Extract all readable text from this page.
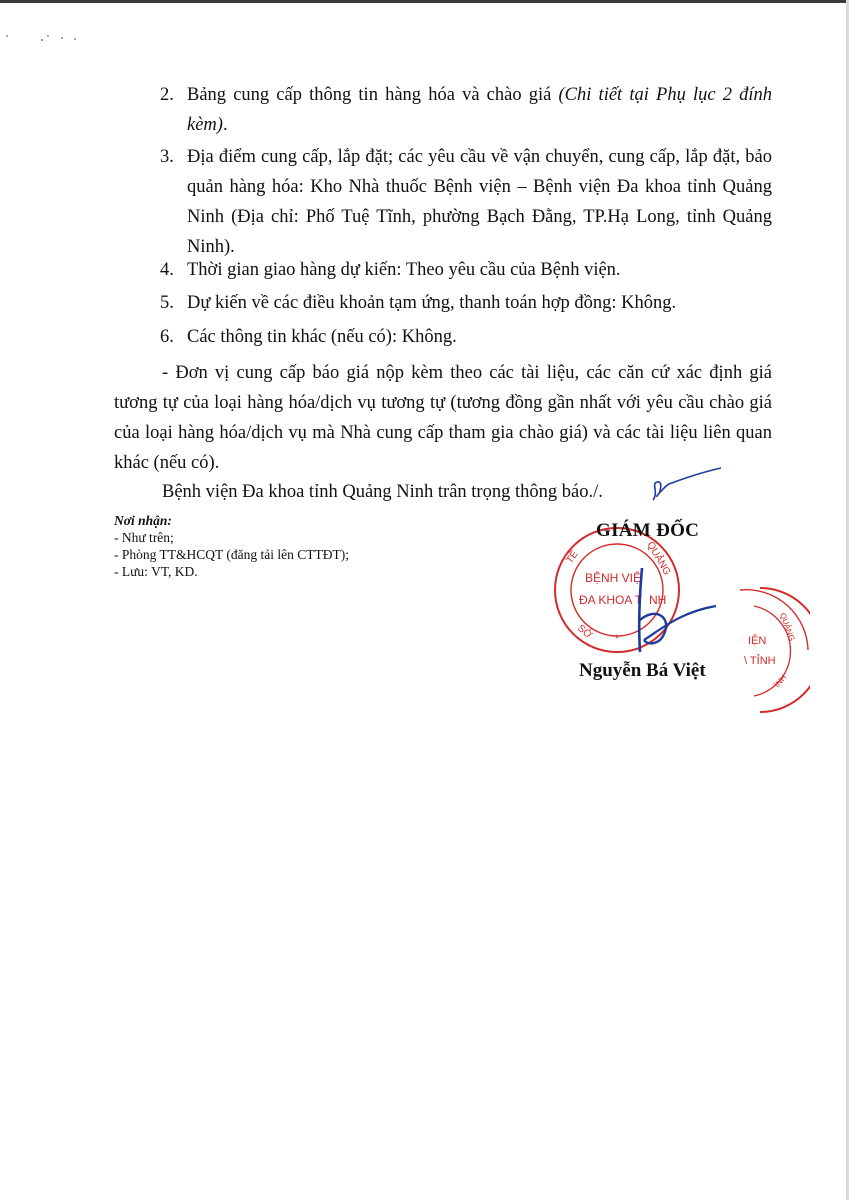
2. Bảng cung cấp thông tin hàng hóa và chào giá (Chi tiết tại Phụ lục 2 đính kèm).
3. Địa điểm cung cấp, lắp đặt; các yêu cầu về vận chuyển, cung cấp, lắp đặt, bảo quản hàng hóa: Kho Nhà thuốc Bệnh viện – Bệnh viện Đa khoa tỉnh Quảng Ninh (Địa chỉ: Phố Tuệ Tĩnh, phường Bạch Đằng, TP.Hạ Long, tỉnh Quảng Ninh).
4. Thời gian giao hàng dự kiến: Theo yêu cầu của Bệnh viện.
5. Dự kiến về các điều khoản tạm ứng, thanh toán hợp đồng: Không.
6. Các thông tin khác (nếu có): Không.
- Đơn vị cung cấp báo giá nộp kèm theo các tài liệu, các căn cứ xác định giá tương tự của loại hàng hóa/dịch vụ tương tự (tương đồng gần nhất với yêu cầu chào giá của loại hàng hóa/dịch vụ mà Nhà cung cấp tham gia chào giá) và các tài liệu liên quan khác (nếu có).
Bệnh viện Đa khoa tỉnh Quảng Ninh trân trọng thông báo./.
Nơi nhận:
- Như trên;
- Phòng TT&HCQT (đăng tải lên CTTĐT);
- Lưu: VT, KD.
TẾ	QUẢNG
SỞ *
BỆNH VIỆ
ĐA KHOA T NH
IỆN
\ TỈNH
QUẢNG
ÌNH
GIÁM ĐỐC
Nguyễn Bá Việt
